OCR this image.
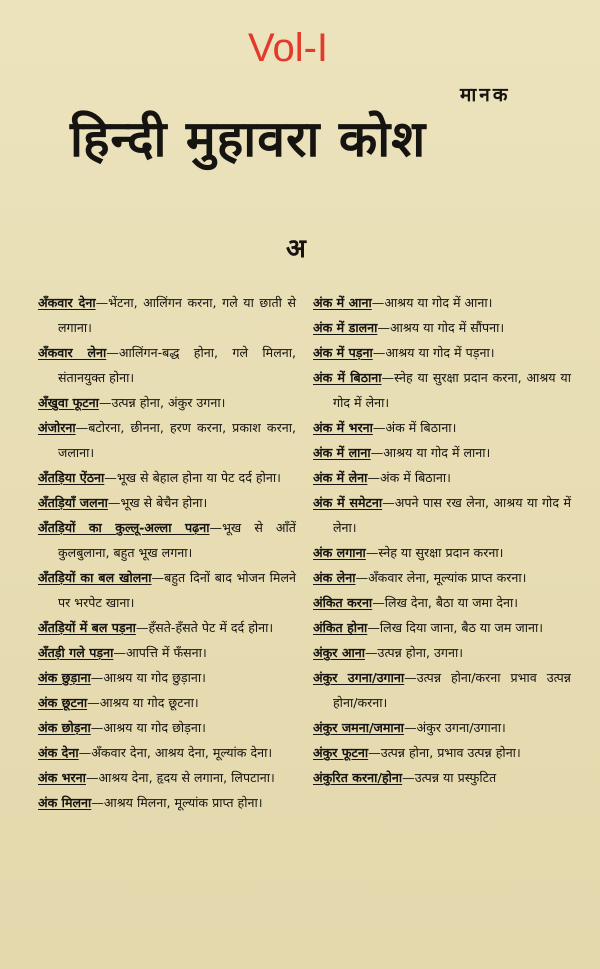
Vol-I
मानक
हिन्दी मुहावरा कोश
अ

अँकवार देना—भेंटना, आलिंगन करना, गले या छाती से लगाना।

अँकवार लेना—आलिंगन-बद्ध होना, गले मिलना, संतानयुक्त होना।

अँखुवा फूटना—उत्पन्न होना, अंकुर उगना।

अंजोरना—बटोरना, छीनना, हरण करना, प्रकाश करना, जलाना।

अँतड़िया ऐंठना—भूख से बेहाल होना या पेट दर्द होना।

अँतड़ियाँ जलना—भूख से बेचैन होना।

अँतड़ियों का कुल्लू-अल्ला पढ़ना—भूख से आँतें कुलबुलाना, बहुत भूख लगना।

अँतड़ियों का बल खोलना—बहुत दिनों बाद भोजन मिलने पर भरपेट खाना।

अँतड़ियों में बल पड़ना—हँसते-हँसते पेट में दर्द होना।

अँतड़ी गले पड़ना—आपत्ति में फँसना।

अंक छुड़ाना—आश्रय या गोद छुड़ाना।

अंक छूटना—आश्रय या गोद छूटना।

अंक छोड़ना—आश्रय या गोद छोड़ना।

अंक देना—अँकवार देना, आश्रय देना, मूल्यांक देना।

अंक भरना—आश्रय देना, हृदय से लगाना, लिपटाना।

अंक मिलना—आश्रय मिलना, मूल्यांक प्राप्त होना।

अंक में आना—आश्रय या गोद में आना।

अंक में डालना—आश्रय या गोद में सौंपना।

अंक में पड़ना—आश्रय या गोद में पड़ना।

अंक में बिठाना—स्नेह या सुरक्षा प्रदान करना, आश्रय या गोद में लेना।

अंक में भरना—अंक में बिठाना।

अंक में लाना—आश्रय या गोद में लाना।

अंक में लेना—अंक में बिठाना।

अंक में समेटना—अपने पास रख लेना, आश्रय या गोद में लेना।

अंक लगाना—स्नेह या सुरक्षा प्रदान करना।

अंक लेना—अँकवार लेना, मूल्यांक प्राप्त करना।

अंकित करना—लिख देना, बैठा या जमा देना।

अंकित होना—लिख दिया जाना, बैठ या जम जाना।

अंकुर आना—उत्पन्न होना, उगना।

अंकुर उगना/उगाना—उत्पन्न होना/करना प्रभाव उत्पन्न होना/करना।

अंकुर जमना/जमाना—अंकुर उगना/उगाना।

अंकुर फूटना—उत्पन्न होना, प्रभाव उत्पन्न होना।

अंकुरित करना/होना—उत्पन्न या प्रस्फुटित
